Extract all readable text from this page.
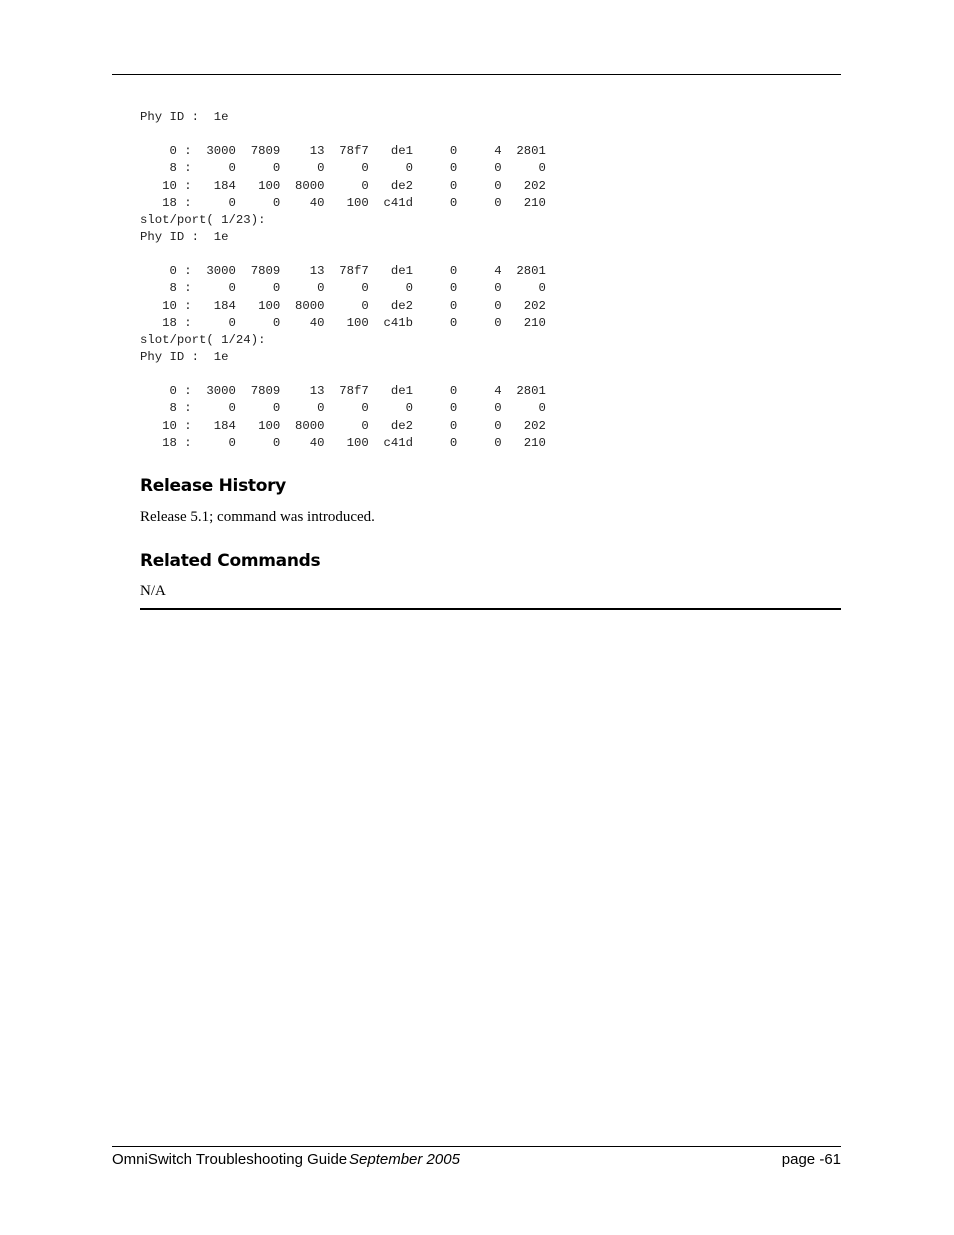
Phy ID :  1e
0 :  3000  7809    13  78f7   de1     0     4  2801
8 :     0     0     0     0     0     0     0     0
10 :   184   100  8000     0   de2     0     0   202
18 :     0     0    40   100  c41d     0     0   210
slot/port( 1/23):
Phy ID :  1e
0 :  3000  7809    13  78f7   de1     0     4  2801
8 :     0     0     0     0     0     0     0     0
10 :   184   100  8000     0   de2     0     0   202
18 :     0     0    40   100  c41b     0     0   210
slot/port( 1/24):
Phy ID :  1e
0 :  3000  7809    13  78f7   de1     0     4  2801
8 :     0     0     0     0     0     0     0     0
10 :   184   100  8000     0   de2     0     0   202
18 :     0     0    40   100  c41d     0     0   210
Release History

Release 5.1; command was introduced.

Related Commands

N/A

OmniSwitch Troubleshooting Guide September 2005	page -61
